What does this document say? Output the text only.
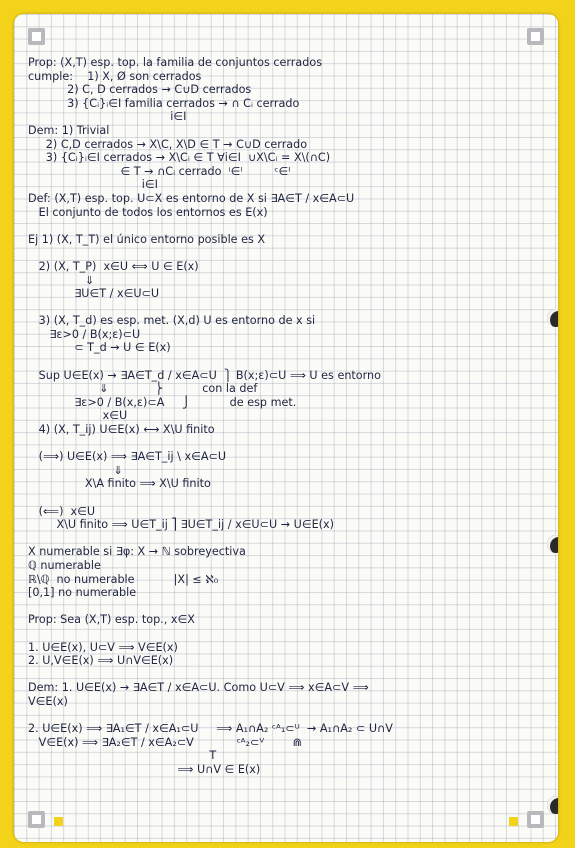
Prop: (X,T) esp. top. la familia de conjuntos cerrados
cumple:    1) X, Ø son cerrados
2) C, D cerrados → C∪D cerrados
3) {Cᵢ}ᵢ∈I familia cerrados → ∩ Cᵢ cerrado
i∈I
Dem: 1) Trivial
2) C,D cerrados → X\C, X\D ∈ T → C∪D cerrado
3) {Cᵢ}ᵢ∈I cerrados → X\Cᵢ ∈ T ∀i∈I  ∪X\Cᵢ = X\(∩C)
∈ T → ∩Cᵢ cerrado  ⁱ∈ᴵ         ᶜ∈ᴵ
i∈I
Def: (X,T) esp. top. U⊂X es entorno de X si ∃A∈T / x∈A⊂U
El conjunto de todos los entornos es E(x)
Ej 1) (X, T_T) el único entorno posible es X
2) (X, T_P)  x∈U ⟺ U ∈ E(x)
⇓
∃U∈T / x∈U⊂U
3) (X, T_d) es esp. met. (X,d) U es entorno de x si
∃ε>0 / B(x;ε)⊂U
⊂ T_d → U ∈ E(x)
Sup U∈E(x) → ∃A∈T_d / x∈A⊂U  ⎫ B(x;ε)⊂U ⟹ U es entorno
⇓             ⎬           con la def
∃ε>0 / B(x,ε)⊂A     ⎭           de esp met.
x∈U
4) (X, T_ij) U∈E(x) ⟷ X\U finito
(⟹) U∈E(x) ⟹ ∃A∈T_ij \ x∈A⊂U
⇓
X\A finito ⟹ X\U finito
(⟸)  x∈U
X\U finito ⟹ U∈T_ij ⎤ ∃U∈T_ij / x∈U⊂U → U∈E(x)
X numerable si ∃φ: X → ℕ sobreyectiva
ℚ numerable
ℝ\ℚ  no numerable           |X| ≤ ℵ₀
[0,1] no numerable
Prop: Sea (X,T) esp. top., x∈X
1. U∈E(x), U⊂V ⟹ V∈E(x)
2. U,V∈E(x) ⟹ U∩V∈E(x)
Dem: 1. U∈E(x) → ∃A∈T / x∈A⊂U. Como U⊂V ⟹ x∈A⊂V ⟹
V∈E(x)
2. U∈E(x) ⟹ ∃A₁∈T / x∈A₁⊂U     ⟹ A₁∩A₂ ᶜᴬ₁⊂ᵁ  → A₁∩A₂ ⊂ U∩V
V∈E(x) ⟹ ∃A₂∈T / x∈A₂⊂V            ᶜᴬ₂⊂ⱽ        ⋒
T
⟹ U∩V ∈ E(x)
